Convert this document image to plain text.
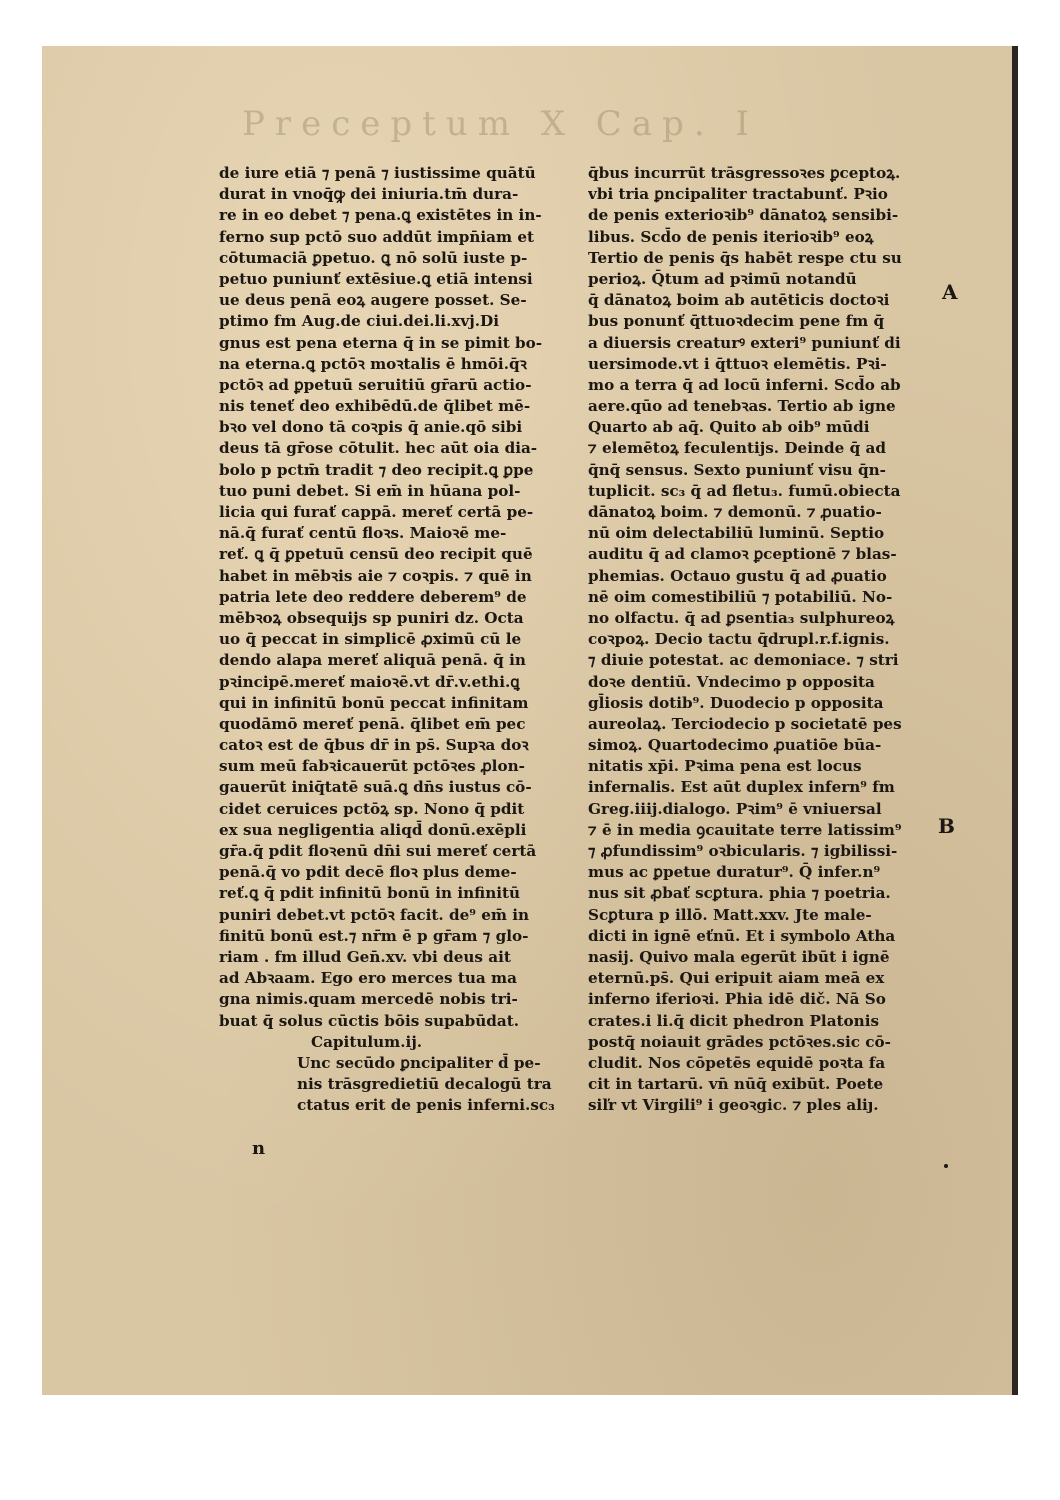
Preceptum X Cap. I
de iure etiā ⁊ penā ⁊ iustissime quātū
durat in vnoq̄ꝙ dei iniuria.tm̄ dura-
re in eo debet ⁊ pena.ꝗ existētes in in-
ferno sup pctō suo addūt impn̄iam et
cōtumaciā ꝑpetuo. ꝗ nō solū iuste p-
petuo puniunť extēsiue.ꝗ etiā intensi
ue deus penā eoꝝ augere posset. Se-
ptimo fm Aug.de ciui.dei.li.xvj.Di
gnus est pena eterna q̄ in se pimit bo-
na eterna.ꝗ pctōꝛ moꝛtalis ē hmōi.q̄ꝛ
pctōꝛ ad ꝑpetuū seruitiū gr̄arū actio-
nis teneť deo exhibēdū.de q̄libet mē-
bꝛo vel dono tā coꝛpis q̄ anie.qō sibi
deus tā gr̄ose cōtulit. hec aūt oia dia-
bolo p pctm̄ tradit ⁊ deo recipit.ꝗ ꝑpe
tuo puni debet. Si em̄ in hūana pol-
licia qui furať cappā. mereť certā pe-
nā.q̄ furať centū floꝛs. Maioꝛē me-
reť. ꝗ q̄ ꝑpetuū censū deo recipit quē
habet in mēbꝛis aie ⁊ coꝛpis. ⁊ quē in
patria lete deo reddere deberem⁹ de
mēbꝛoꝝ obsequijs sp puniri dz. Octa
uo q̄ peccat in simplicē ꝓximū cū le
dendo alapa mereť aliquā penā. q̄ in
pꝛincipē.mereť maioꝛē.vt dr̄.v.ethi.ꝗ
qui in infinitū bonū peccat infinitam
quodāmō mereť penā. q̄libet em̄ pec
catoꝛ est de q̄bus dr̄ in ps̄. Supꝛa doꝛ
sum meū fabꝛicauerūt pctōꝛes ꝓlon-
gauerūt iniq̄tatē suā.ꝗ dn̄s iustus cō-
cidet ceruices pctōꝝ sp. Nono q̄ pdit
ex sua negligentia aliqd̄ donū.exēpli
gr̄a.q̄ pdit floꝛenū dn̄i sui mereť certā
penā.q̄ vo pdit decē floꝛ plus deme-
reť.ꝗ q̄ pdit infinitū bonū in infinitū
puniri debet.vt pctōꝛ facit. de⁹ em̄ in
finitū bonū est.⁊ nr̄m ē p gr̄am ⁊ glo-
riam . fm illud Gen̄.xv. vbi deus ait
ad Abꝛaam. Ego ero merces tua ma
gna nimis.quam mercedē nobis tri-
buat q̄ solus cūctis bōis supabūdat.
Capitulum.ij.
Unc secūdo ꝑncipaliter d̄ pe-
nis trāsgredietiū decalogū tra
ctatus erit de penis inferni.sc₃
q̄bus incurrūt trāsgressoꝛes ꝑceptoꝝ.
vbi tria ꝑncipaliter tractabunť. Pꝛio
de penis exterioꝛib⁹ dānatoꝝ sensibi-
libus. Scd̄o de penis iterioꝛib⁹ eoꝝ
Tertio de penis q̄s habēt respe ctu su
perioꝝ. Q̄tum ad pꝛimū notandū
q̄ dānatoꝝ boim ab autēticis doctoꝛi
bus ponunť q̄ttuoꝛdecim pene fm q̄
a diuersis creaturꝰ exteri⁹ puniunť di
uersimode.vt i q̄ttuoꝛ elemētis. Pꝛi-
mo a terra q̄ ad locū inferni. Scd̄o ab
aere.qūo ad tenebꝛas. Tertio ab igne
Quarto ab aq̄. Quito ab oib⁹ mūdi
⁊ elemētoꝝ feculentijs. Deinde q̄ ad
q̄nq̄ sensus. Sexto puniunť visu q̄n-
tuplicit. sc₃ q̄ ad fletu₃. fumū.obiecta
dānatoꝝ boim. ⁊ demonū. ⁊ ꝓuatio-
nū oim delectabiliū luminū. Septio
auditu q̄ ad clamoꝛ ꝑceptionē ⁊ blas-
phemias. Octauo gustu q̄ ad ꝓuatio
nē oim comestibiliū ⁊ potabiliū. No-
no olfactu. q̄ ad ꝑsentia₃ sulphureoꝝ
coꝛpoꝝ. Decio tactu q̄drupl.r.f.ignis.
⁊ diuie potestat. ac demoniace. ⁊ stri
doꝛe dentiū. Vndecimo p opposita
gl̄iosis dotib⁹. Duodecio p opposita
aureolaꝝ. Terciodecio p societatē pes
simoꝝ. Quartodecimo ꝓuatiōe būa-
nitatis xp̄i. Pꝛima pena est locus
infernalis. Est aūt duplex infern⁹ fm
Greg.iiij.dialogo. Pꝛim⁹ ē vniuersal
⁊ ē in media ꝯcauitate terre latissim⁹
⁊ ꝓfundissim⁹ oꝛbicularis. ⁊ igbilissi-
mus ac ꝑpetue duratur⁹. Q̄ infer.n⁹
nus sit ꝓbať scꝑtura. phia ⁊ poetria.
Scꝑtura p illō. Matt.xxv. Jte male-
dicti in ignē eťnū. Et i symbolo Atha
nasij. Quivo mala egerūt ibūt i ignē
eternū.ps̄. Qui eripuit aiam meā ex
inferno iferioꝛi. Phia idē dič. Nā So
crates.i li.q̄ dicit phedron Platonis
postq̄ noiauit grādes pctōꝛes.sic cō-
cludit. Nos cōpetēs equidē poꝛta fa
cit in tartarū. vn̄ nūq̄ exibūt. Poete
siľr vt Virgili⁹ i geoꝛgic. ⁊ ples aliȷ.
n
A
B
